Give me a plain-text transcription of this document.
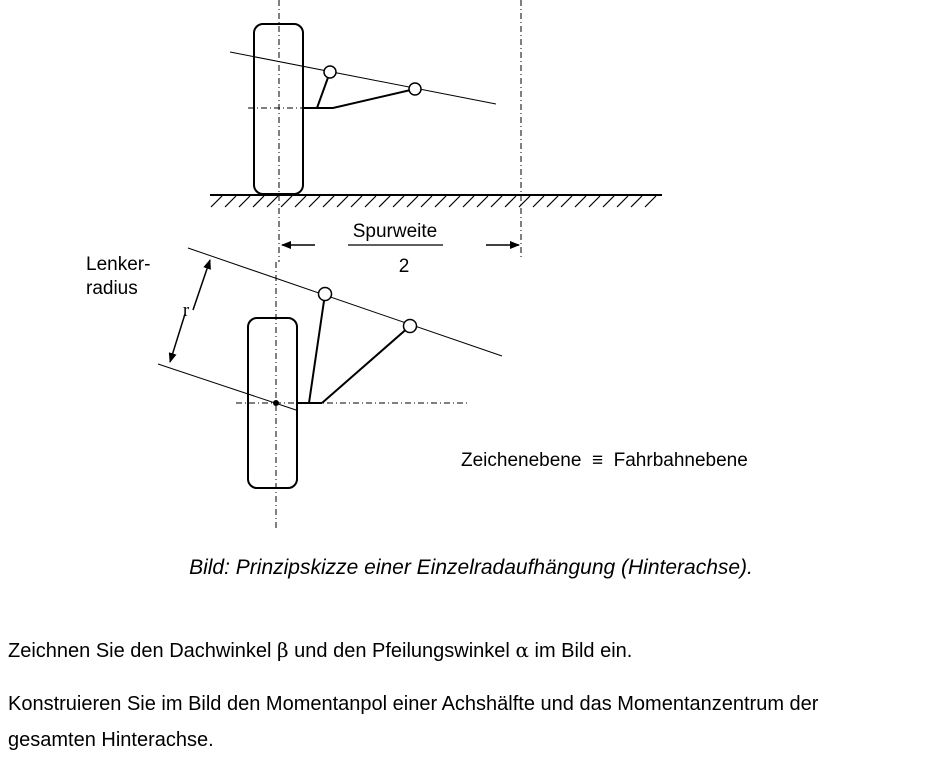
Spurweite
2
r
Lenker-
radius
Zeichenebene  ≡  Fahrbahnebene
Bild: Prinzipskizze einer Einzelradaufhängung (Hinterachse).
Zeichnen Sie den Dachwinkel β und den Pfeilungswinkel α im Bild ein.
Konstruieren Sie im Bild den Momentanpol einer Achshälfte und das Momentanzentrum der
gesamten Hinterachse.
